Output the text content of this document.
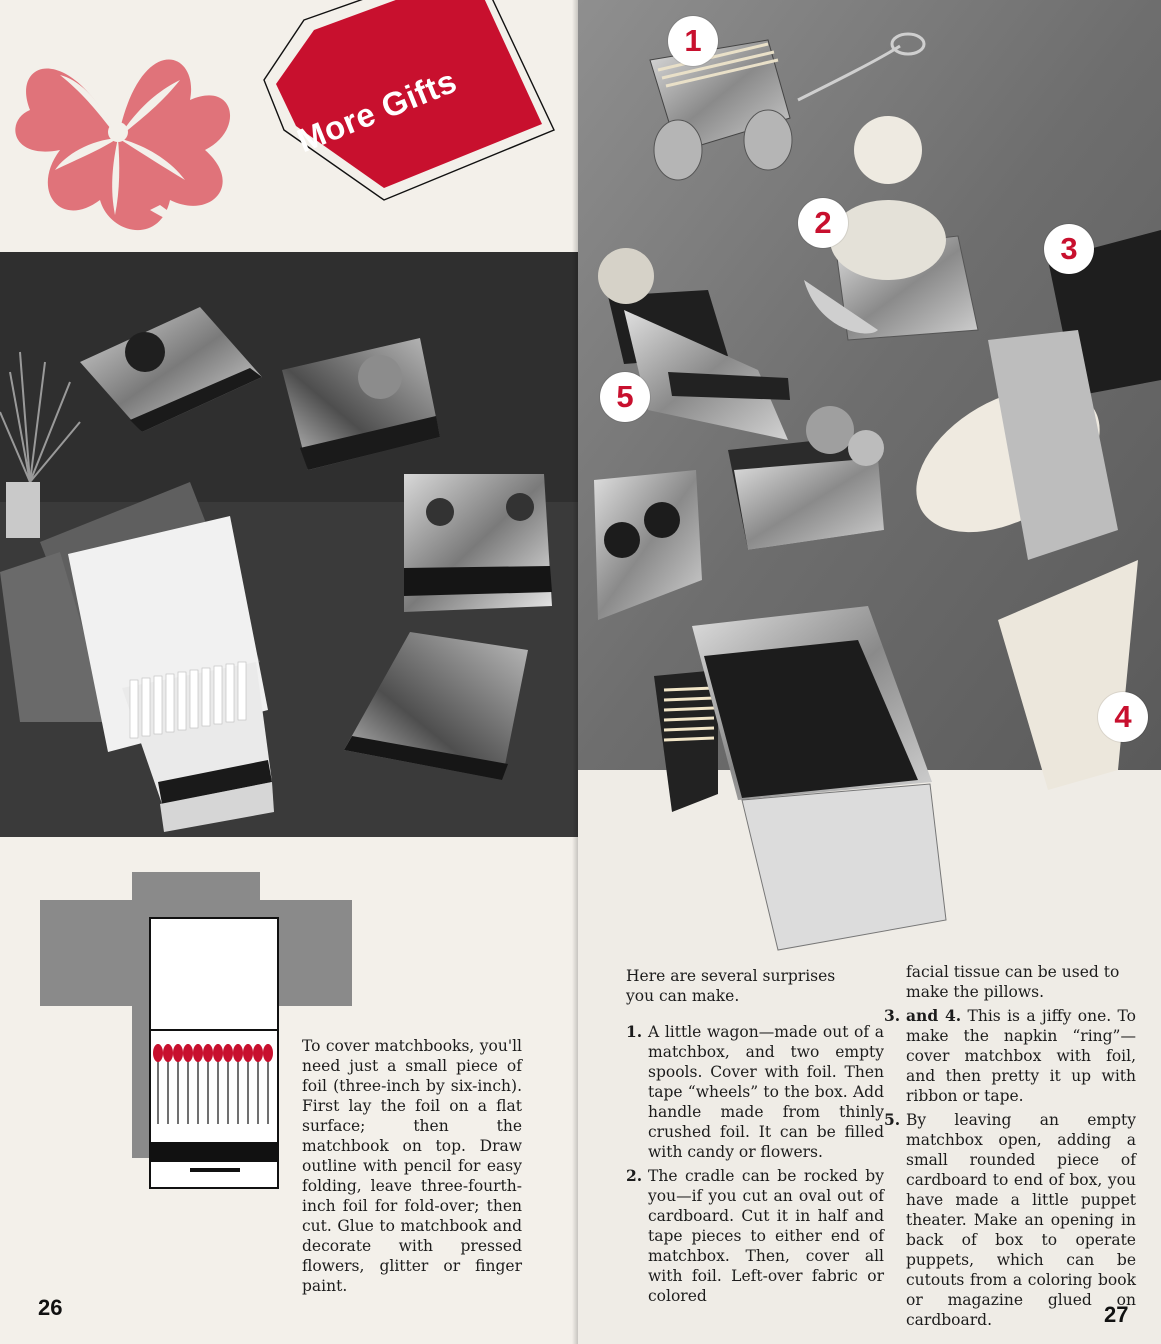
More Gifts

To cover matchbooks, you'll need just a small piece of foil (three-inch by six-inch). First lay the foil on a flat surface; then the matchbook on top. Draw outline with pencil for easy folding, leave three-fourth-inch foil for fold-over; then cut. Glue to matchbook and decorate with pressed flowers, glitter or finger paint.

26
1
2
3
4
5

Here are several surprises you can make.

1. A little wagon—made out of a matchbox, and two empty spools. Cover with foil. Then tape “wheels” to the box. Add handle made from thinly crushed foil. It can be filled with candy or flowers.
2. The cradle can be rocked by you—if you cut an oval out of cardboard. Cut it in half and tape pieces to either end of matchbox. Then, cover all with foil. Left-over fabric or colored

facial tissue can be used to make the pillows.

3. and 4. This is a jiffy one. To make the napkin “ring”—cover matchbox with foil, and then pretty it up with ribbon or tape.
5. By leaving an empty matchbox open, adding a small rounded piece of cardboard to end of box, you have made a little puppet theater. Make an opening in back of box to operate puppets, which can be cutouts from a coloring book or magazine glued on cardboard.	27
